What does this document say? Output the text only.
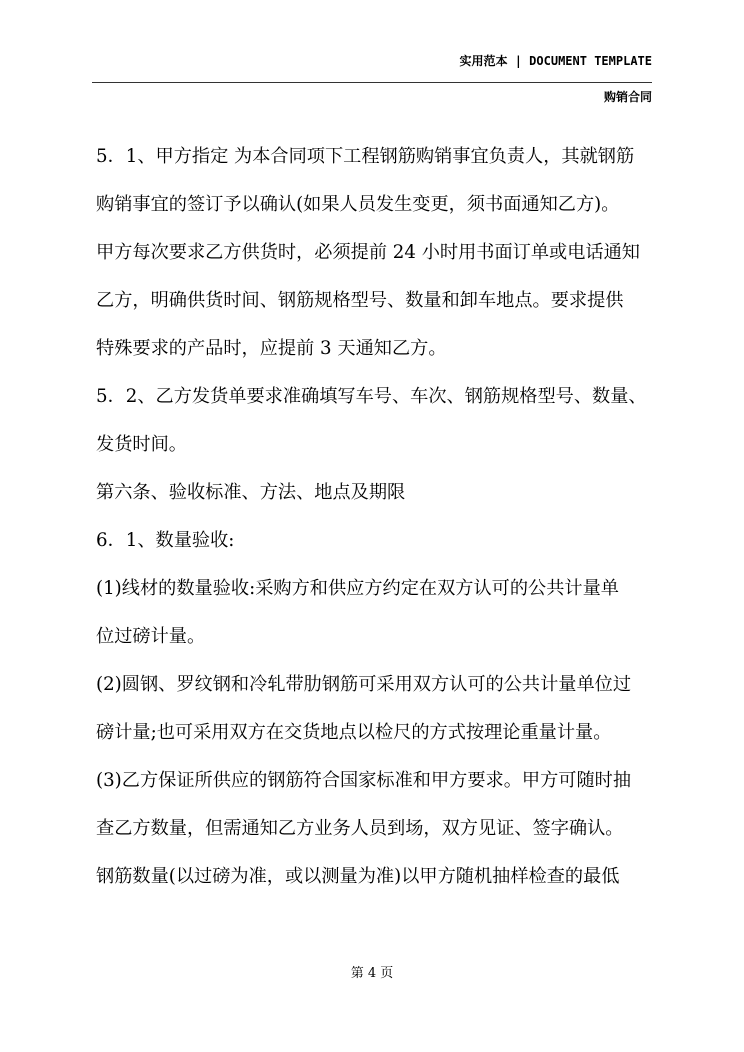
实用范本 | DOCUMENT TEMPLATE
购销合同
5．1、甲方指定 为本合同项下工程钢筋购销事宜负责人，其就钢筋
购销事宜的签订予以确认(如果人员发生变更，须书面通知乙方)。
甲方每次要求乙方供货时，必须提前 24 小时用书面订单或电话通知
乙方，明确供货时间、钢筋规格型号、数量和卸车地点。要求提供
特殊要求的产品时，应提前 3 天通知乙方。
5．2、乙方发货单要求准确填写车号、车次、钢筋规格型号、数量、
发货时间。
第六条、验收标准、方法、地点及期限
6．1、数量验收:
(1)线材的数量验收:采购方和供应方约定在双方认可的公共计量单
位过磅计量。
(2)圆钢、罗纹钢和冷轧带肋钢筋可采用双方认可的公共计量单位过
磅计量;也可采用双方在交货地点以检尺的方式按理论重量计量。
(3)乙方保证所供应的钢筋符合国家标准和甲方要求。甲方可随时抽
查乙方数量，但需通知乙方业务人员到场，双方见证、签字确认。
钢筋数量(以过磅为准，或以测量为准)以甲方随机抽样检查的最低
第 4 页
